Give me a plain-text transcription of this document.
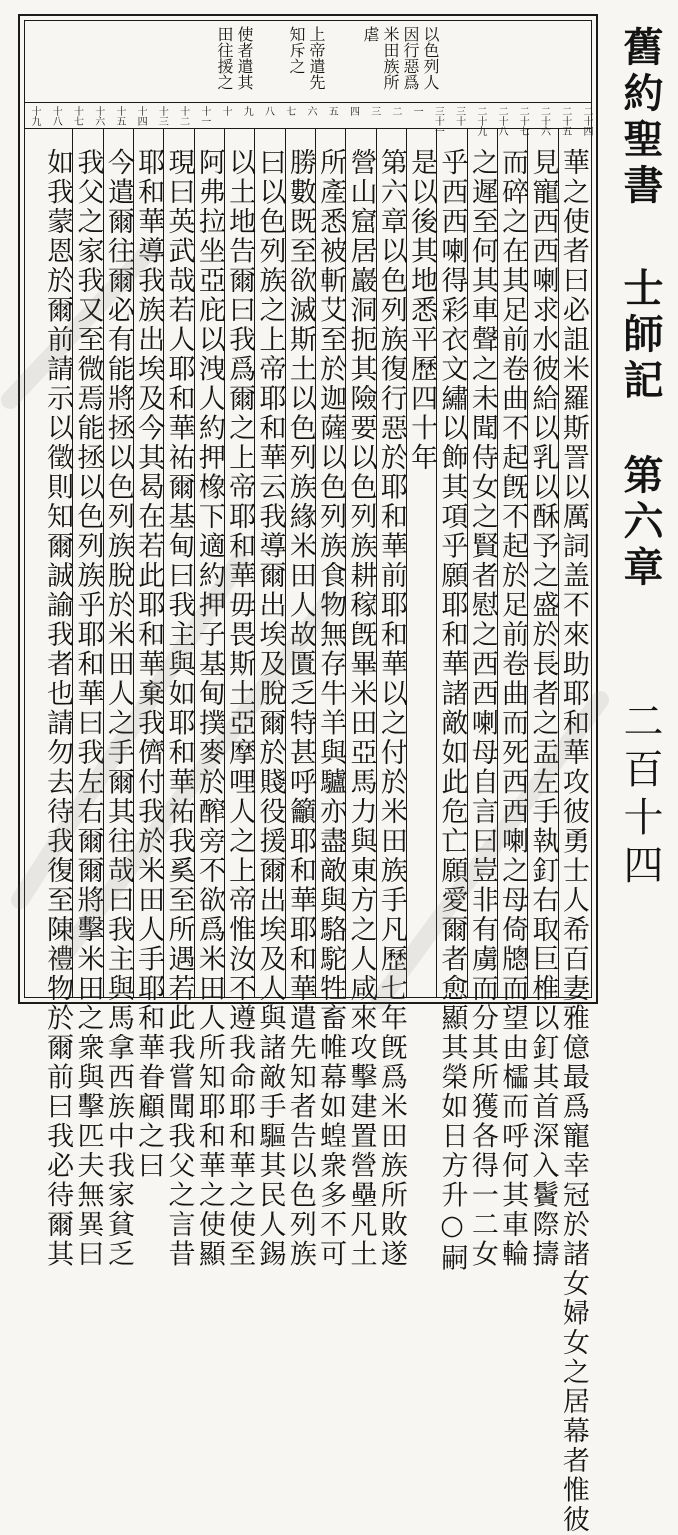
舊約聖書 士師記 第六章
二百十四
以色列人
因行惡爲
米田族所
虐
上帝遣先
知斥之
使者遣其
田往援之
十九 十八 十七 十六 十五 十四 十三 十二 十一 十 九 八 七 六 五 四 三 二 一 三十一 三十 二十九 二十八 二十七 二十六 二十五 二十四
華之使者曰必詛米羅斯詈以厲詞盖不來助耶和華攻彼勇士人希百妻雅億最爲寵幸冠於諸女婦女之居幕者惟彼
見寵西西喇求水彼給以乳以酥予之盛於長者之盂左手執釘右取巨椎以釘其首深入鬢際擣
而碎之在其足前卷曲不起旣不起於足前卷曲而死西西喇之母倚牕而望由櫺而呼何其車輪
之遲至何其車聲之未聞侍女之賢者慰之西西喇母自言曰豈非有虜而分其所獲各得一二女
乎西西喇得彩衣文繡以飾其項乎願耶和華諸敵如此危亡願愛爾者愈顯其榮如日方升○嗣
是以後其地悉平歷四十年
第六章以色列族復行惡於耶和華前耶和華以之付於米田族手凡歷七年旣爲米田族所敗遂
營山窟居巖洞扼其險要以色列族耕稼旣畢米田亞馬力與東方之人咸來攻擊建置營壘凡土
所產悉被斬艾至於迦薩以色列族食物無存牛羊與驢亦盡敵與駱駝牲畜帷幕如蝗衆多不可
勝數既至欲滅斯土以色列族緣米田人故匱乏特甚呼籲耶和華耶和華遣先知者告以色列族
曰以色列族之上帝耶和華云我導爾出埃及脫爾於賤役援爾出埃及人與諸敵手驅其民人錫
以土地告爾曰我爲爾之上帝耶和華毋畏斯土亞摩哩人之上帝惟汝不遵我命耶和華之使至
阿弗拉坐亞庇以洩人約押橡下適約押子基甸撲麥於醡旁不欲爲米田人所知耶和華之使顯
現曰英武哉若人耶和華祐爾基甸曰我主與如耶和華祐我奚至所遇若此我嘗聞我父之言昔
耶和華導我族出埃及今其曷在若此耶和華棄我儕付我於米田人手耶和華眷顧之曰
今遣爾往爾必有能將拯以色列族脫於米田人之手爾其往哉曰我主與馬拿西族中我家貧乏
我父之家我又至微焉能拯以色列族乎耶和華曰我左右爾爾將擊米田之衆與擊匹夫無異曰
如我蒙恩於爾前請示以徵則知爾誠諭我者也請勿去待我復至陳禮物於爾前曰我必待爾其
